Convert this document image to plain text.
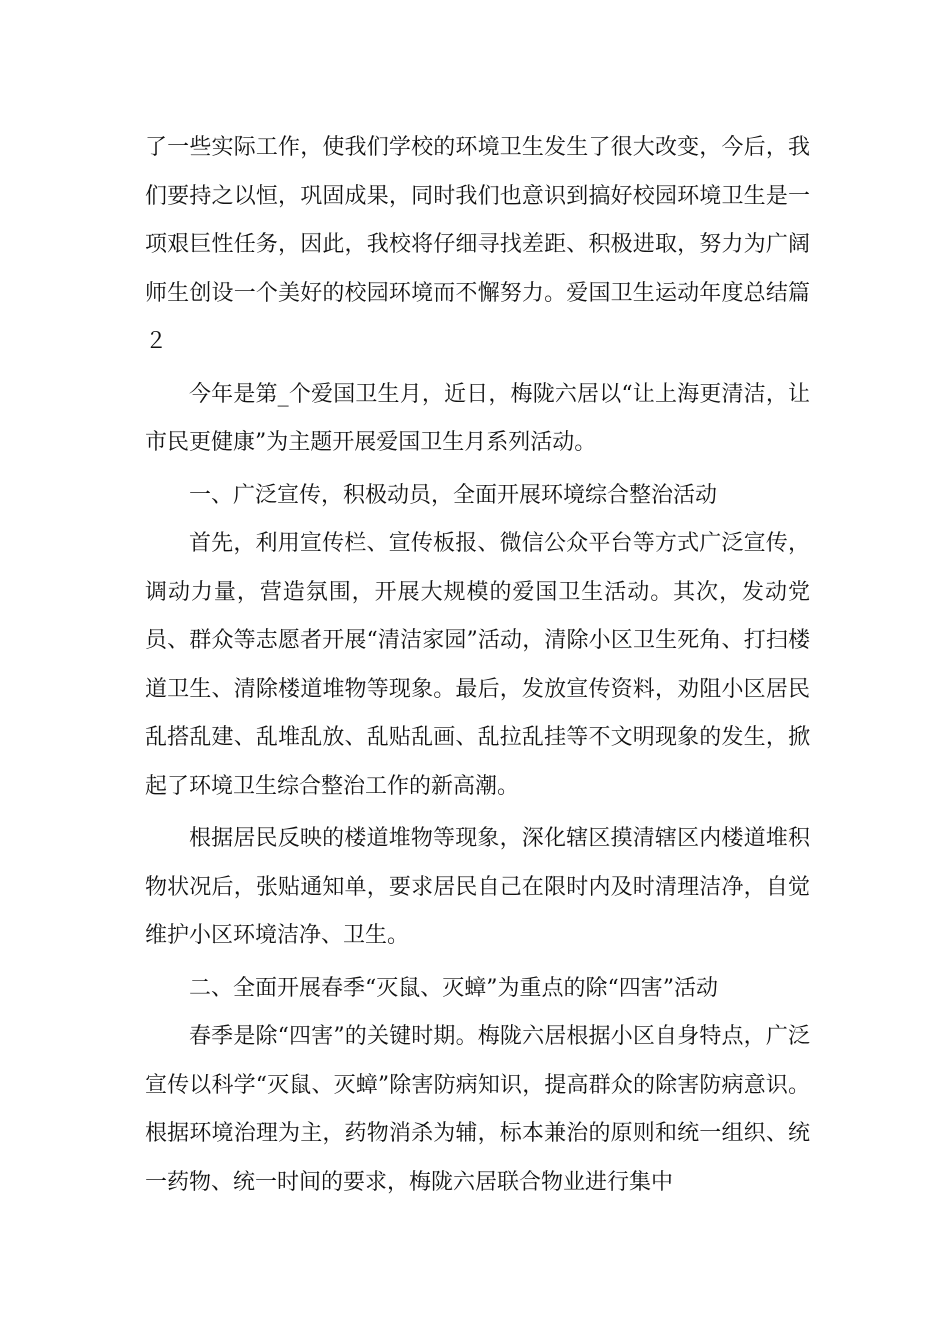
了一些实际工作，使我们学校的环境卫生发生了很大改变，今后，我们要持之以恒，巩固成果，同时我们也意识到搞好校园环境卫生是一项艰巨性任务，因此，我校将仔细寻找差距、积极进取，努力为广阔师生创设一个美好的校园环境而不懈努力。爱国卫生运动年度总结篇２

今年是第_个爱国卫生月，近日，梅陇六居以“让上海更清洁，让市民更健康”为主题开展爱国卫生月系列活动。

一、广泛宣传，积极动员，全面开展环境综合整治活动

首先，利用宣传栏、宣传板报、微信公众平台等方式广泛宣传，调动力量，营造氛围，开展大规模的爱国卫生活动。其次，发动党员、群众等志愿者开展“清洁家园”活动，清除小区卫生死角、打扫楼道卫生、清除楼道堆物等现象。最后，发放宣传资料，劝阻小区居民乱搭乱建、乱堆乱放、乱贴乱画、乱拉乱挂等不文明现象的发生，掀起了环境卫生综合整治工作的新高潮。

根据居民反映的楼道堆物等现象，深化辖区摸清辖区内楼道堆积物状况后，张贴通知单，要求居民自己在限时内及时清理洁净，自觉维护小区环境洁净、卫生。

二、全面开展春季“灭鼠、灭蟑”为重点的除“四害”活动

春季是除“四害”的关键时期。梅陇六居根据小区自身特点，广泛宣传以科学“灭鼠、灭蟑”除害防病知识，提高群众的除害防病意识。根据环境治理为主，药物消杀为辅，标本兼治的原则和统一组织、统一药物、统一时间的要求，梅陇六居联合物业进行集中
